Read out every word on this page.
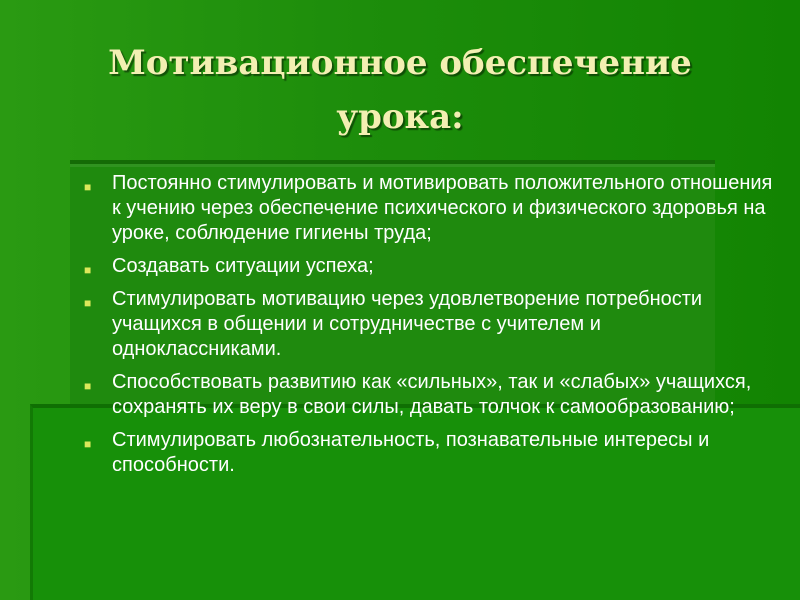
Мотивационное обеспечение
урока:
■ Постоянно стимулировать и мотивировать положительного отношения к учению через обеспечение психического и физического здоровья на уроке, соблюдение гигиены труда;
■ Создавать ситуации успеха;
■ Стимулировать мотивацию через удовлетворение потребности учащихся в общении и сотрудничестве с учителем и одноклассниками.
■ Способствовать развитию как «сильных», так и «слабых» учащихся, сохранять их веру в свои силы, давать толчок к самообразованию;
■ Стимулировать любознательность, познавательные интересы и способности.
